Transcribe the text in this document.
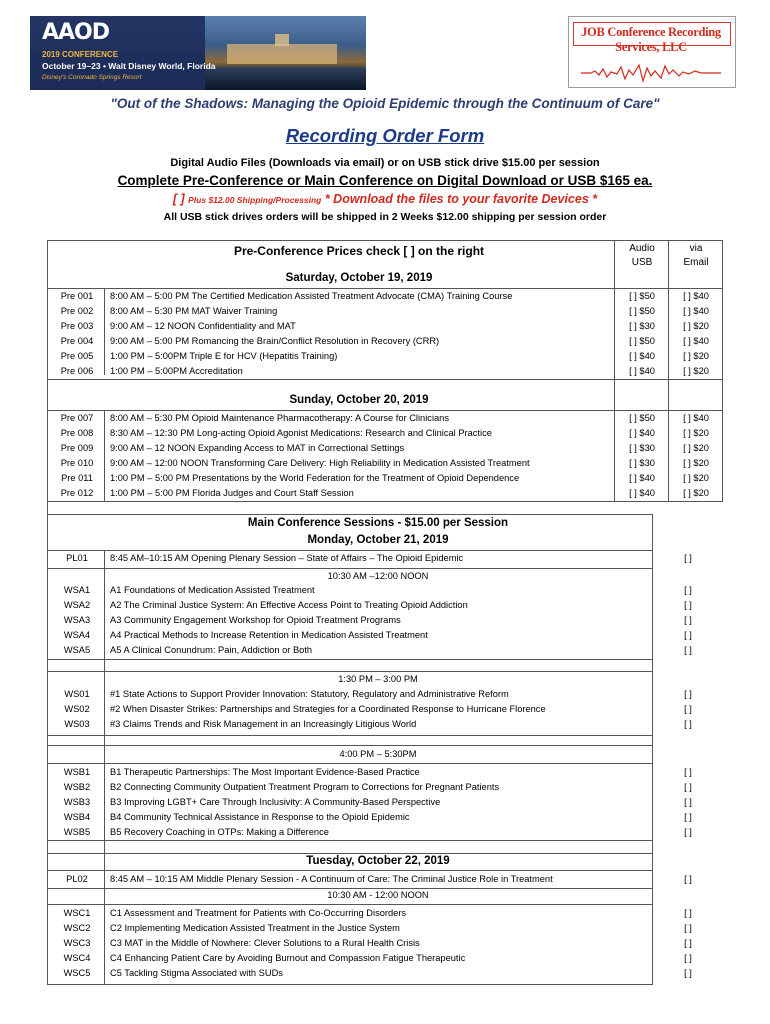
AAOD
2019 CONFERENCE
October 19–23 • Walt Disney World, Florida
Disney's Coronado Springs Resort
JOB Conference Recording Services, LLC
"Out of the Shadows: Managing the Opioid Epidemic through the Continuum of Care"
Recording Order Form
Digital Audio Files (Downloads via email) or on USB stick drive $15.00 per session
Complete Pre-Conference or Main Conference on Digital Download or USB $165 ea.
[ ] Plus $12.00 Shipping/Processing * Download the files to your favorite Devices *
All USB stick drives orders will be shipped in 2 Weeks $12.00 shipping per session order
Pre-Conference Prices check [ ] on the right	Audio
USB
via
Email
Saturday, October 19, 2019
Pre 001	8:00 AM – 5:00 PM The Certified Medication Assisted Treatment Advocate (CMA) Training Course	[ ] $50	[ ] $40
Pre 002	8:00 AM – 5:30 PM MAT Waiver Training	[ ] $50	[ ] $40
Pre 003	9:00 AM – 12 NOON Confidentiality and MAT	[ ] $30	[ ] $20
Pre 004	9:00 AM – 5:00 PM Romancing the Brain/Conflict Resolution in Recovery (CRR)	[ ] $50	[ ] $40
Pre 005	1:00 PM – 5:00PM Triple E for HCV (Hepatitis Training)	[ ] $40	[ ] $20
Pre 006	1:00 PM – 5:00PM Accreditation	[ ] $40	[ ] $20
Sunday, October 20, 2019
Pre 007	8:00 AM – 5:30 PM Opioid Maintenance Pharmacotherapy: A Course for Clinicians	[ ] $50	[ ] $40
Pre 008	8:30 AM – 12:30 PM Long-acting Opioid Agonist Medications: Research and Clinical Practice	[ ] $40	[ ] $20
Pre 009	9:00 AM – 12 NOON Expanding Access to MAT in Correctional Settings	[ ] $30	[ ] $20
Pre 010	9:00 AM – 12:00 NOON Transforming Care Delivery: High Reliability in Medication Assisted Treatment	[ ] $30	[ ] $20
Pre 011	1:00 PM – 5:00 PM Presentations by the World Federation for the Treatment of Opioid Dependence	[ ] $40	[ ] $20
Pre 012	1:00 PM – 5:00 PM Florida Judges and Court Staff Session	[ ] $40	[ ] $20
Main Conference Sessions - $15.00 per Session
Monday, October 21, 2019
PL01	8:45 AM–10:15 AM Opening Plenary Session – State of Affairs – The Opioid Epidemic	[ ]
10:30 AM –12:00 NOON
WSA1	A1 Foundations of Medication Assisted Treatment	[ ]
WSA2	A2 The Criminal Justice System: An Effective Access Point to Treating Opioid Addiction	[ ]
WSA3	A3 Community Engagement Workshop for Opioid Treatment Programs	[ ]
WSA4	A4 Practical Methods to Increase Retention in Medication Assisted Treatment	[ ]
WSA5	A5 A Clinical Conundrum: Pain, Addiction or Both	[ ]
1:30 PM – 3:00 PM
WS01	#1 State Actions to Support Provider Innovation: Statutory, Regulatory and Administrative Reform	[ ]
WS02	#2 When Disaster Strikes: Partnerships and Strategies for a Coordinated Response to Hurricane Florence	[ ]
WS03	#3 Claims Trends and Risk Management in an Increasingly Litigious World	[ ]
4:00 PM – 5:30PM
WSB1	B1 Therapeutic Partnerships: The Most Important Evidence-Based Practice	[ ]
WSB2	B2 Connecting Community Outpatient Treatment Program to Corrections for Pregnant Patients	[ ]
WSB3	B3 Improving LGBT+ Care Through Inclusivity: A Community-Based Perspective	[ ]
WSB4	B4 Community Technical Assistance in Response to the Opioid Epidemic	[ ]
WSB5	B5 Recovery Coaching in OTPs: Making a Difference	[ ]
Tuesday, October 22, 2019
PL02	8:45 AM – 10:15 AM Middle Plenary Session - A Continuum of Care: The Criminal Justice Role in Treatment	[ ]
10:30 AM - 12:00 NOON
WSC1	C1 Assessment and Treatment for Patients with Co-Occurring Disorders	[ ]
WSC2	C2 Implementing Medication Assisted Treatment in the Justice System	[ ]
WSC3	C3 MAT in the Middle of Nowhere: Clever Solutions to a Rural Health Crisis	[ ]
WSC4	C4 Enhancing Patient Care by Avoiding Burnout and Compassion Fatigue Therapeutic	[ ]
WSC5	C5 Tackling Stigma Associated with SUDs	[ ]
